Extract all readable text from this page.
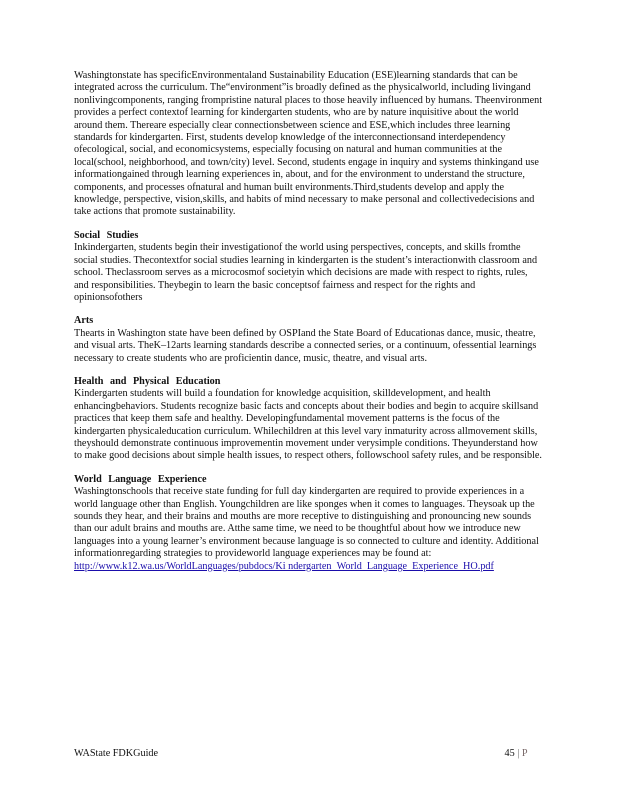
Washingtonstate has specificEnvironmentaland Sustainability Education (ESE)learning standards that can be integrated across the curriculum. The“environment”is broadly defined as the physicalworld, including livingand nonlivingcomponents, ranging frompristine natural places to those heavily influenced by humans. Theenvironment provides a perfect contextof learning for kindergarten students, who are by nature inquisitive about the world around them. Thereare especially clear connectionsbetween science and ESE,which includes three learning standards for kindergarten. First, students develop knowledge of the interconnectionsand interdependency ofecological, social, and economicsystems, especially focusing on natural and human communities at the local(school, neighborhood, and town/city) level. Second, students engage in inquiry and systems thinkingand use informationgained through learning experiences in, about, and for the environment to understand the structure, components, and processes ofnatural and human built environments.Third,students develop and apply the knowledge, perspective, vision,skills, and habits of mind necessary to make personal and collectivedecisions and take actions that promote sustainability.

Social Studies

Inkindergarten, students begin their investigationof the world using perspectives, concepts, and skills fromthe social studies. Thecontextfor social studies learning in kindergarten is the student’s interactionwith classroom and school. Theclassroom serves as a microcosmof societyin which decisions are made with respect to rights, rules, and responsibilities. Theybegin to learn the basic conceptsof fairness and respect for the rights and opinionsofothers

Arts

Thearts in Washington state have been defined by OSPIand the State Board of Educationas dance, music, theatre, and visual arts. TheK–12arts learning standards describe a connected series, or a continuum, ofessential learnings necessary to create students who are proficientin dance, music, theatre, and visual arts.

Health and Physical Education

Kindergarten students will build a foundation for knowledge acquisition, skilldevelopment, and health enhancingbehaviors. Students recognize basic facts and concepts about their bodies and begin to acquire skillsand practices that keep them safe and healthy. Developingfundamental movement patterns is the focus of the kindergarten physicaleducation curriculum. Whilechildren at this level vary inmaturity across allmovement skills, theyshould demonstrate continuous improvementin movement under verysimple conditions. Theyunderstand how to make good decisions about simple health issues, to respect others, followschool safety rules, and be responsible.

World Language Experience

Washingtonschools that receive state funding for full day kindergarten are required to provide experiences in a world language other than English. Youngchildren are like sponges when it comes to languages. Theysoak up the sounds they hear, and their brains and mouths are more receptive to distinguishing and pronouncing new sounds than our adult brains and mouths are. Atthe same time, we need to be thoughtful about how we introduce new languages into a young learner’s environment because language is so connected to culture and identity. Additional informationregarding strategies to provideworld language experiences may be found at:

http://www.k12.wa.us/WorldLanguages/pubdocs/Ki ndergarten_World_Language_Experience_HO.pdf
WAState FDKGuide	45 | P
